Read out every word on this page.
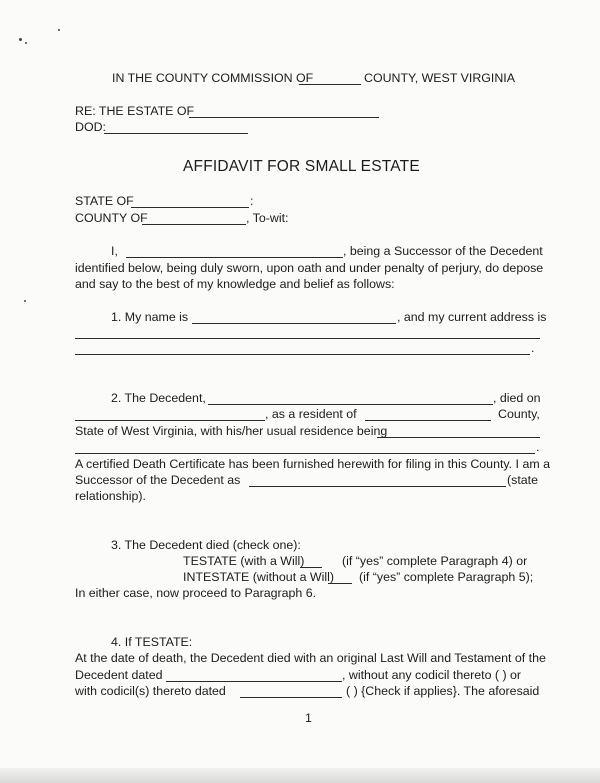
IN THE COUNTY COMMISSION OF	COUNTY, WEST VIRGINIA
RE: THE ESTATE OF
DOD:
AFFIDAVIT FOR SMALL ESTATE
STATE OF	:
COUNTY OF	, To-wit:
I,	, being a Successor of the Decedent
identified below, being duly sworn, upon oath and under penalty of perjury, do depose
and say to the best of my knowledge and belief as follows:
1. My name is	, and my current address is
.
2. The Decedent,	, died on
, as a resident of	County,
State of West Virginia, with his/her usual residence being
.
A certified Death Certificate has been furnished herewith for filing in this County. I am a
Successor of the Decedent as	(state
relationship).
3. The Decedent died (check one):
TESTATE (with a Will)	(if “yes” complete Paragraph 4) or
INTESTATE (without a Will) (if “yes” complete Paragraph 5);
In either case, now proceed to Paragraph 6.
4. If TESTATE:
At the date of death, the Decedent died with an original Last Will and Testament of the
Decedent dated	, without any codicil thereto ( ) or
with codicil(s) thereto dated	( ) {Check if applies}. The aforesaid
1
